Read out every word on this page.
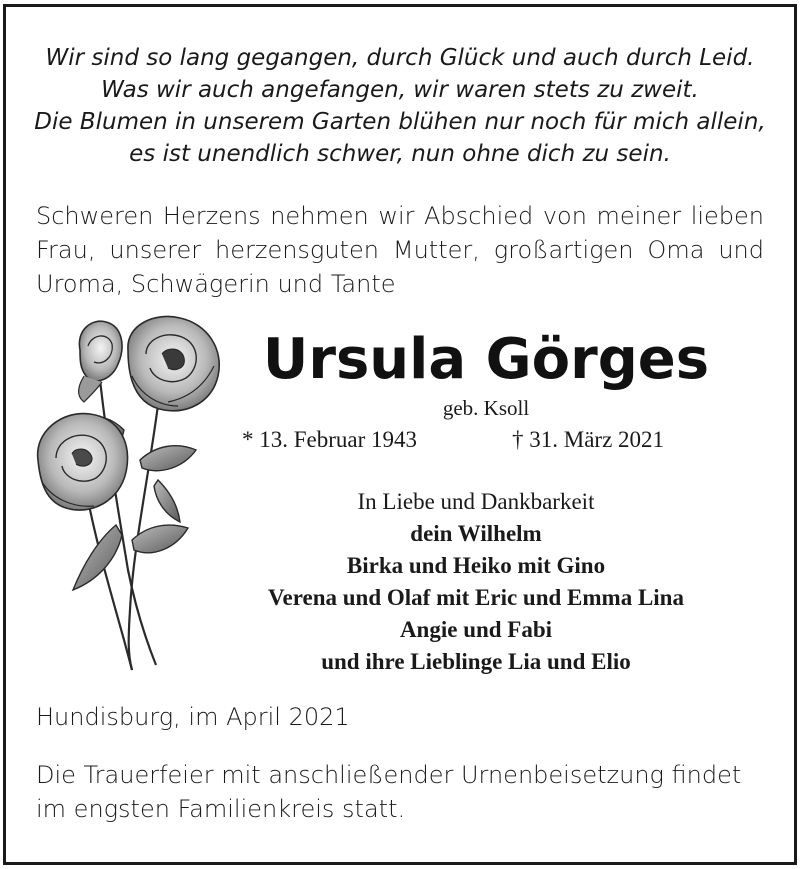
Wir sind so lang gegangen, durch Glück und auch durch Leid.
Was wir auch angefangen, wir waren stets zu zweit.
Die Blumen in unserem Garten blühen nur noch für mich allein,
es ist unendlich schwer, nun ohne dich zu sein.
Schweren Herzens nehmen wir Abschied von meiner lieben
Frau, unserer herzensguten Mutter, großartigen Oma und
Uroma, Schwägerin und Tante
Ursula Görges
geb. Ksoll
* 13. Februar 1943	† 31. März 2021
In Liebe und Dankbarkeit
dein Wilhelm
Birka und Heiko mit Gino
Verena und Olaf mit Eric und Emma Lina
Angie und Fabi
und ihre Lieblinge Lia und Elio
Hundisburg, im April 2021
Die Trauerfeier mit anschließender Urnenbeisetzung findet im engsten Familienkreis statt.
